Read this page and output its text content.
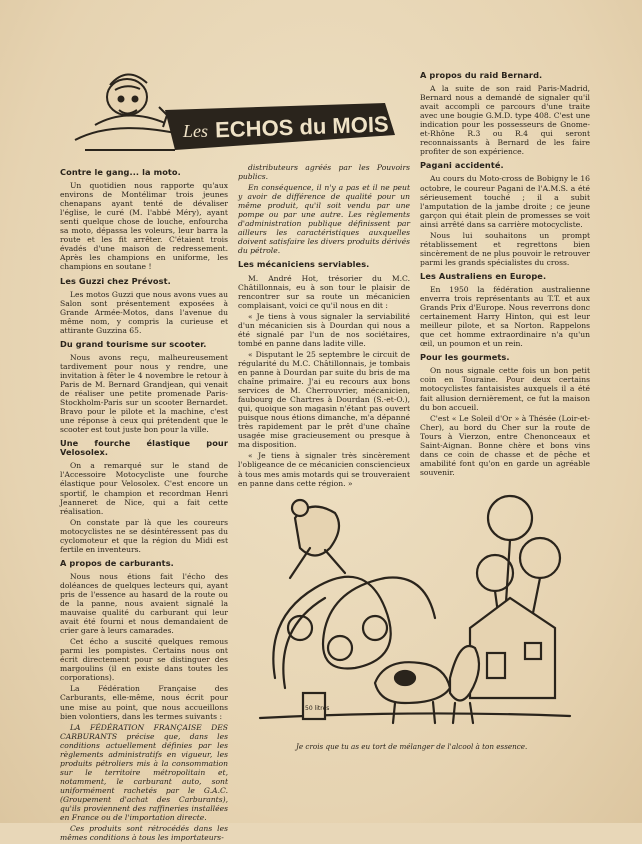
Les ECHOS du MOIS
Contre le gang... la moto.

Un quotidien nous rapporte qu'aux environs de Montélimar trois jeunes chenapans ayant tenté de dévaliser l'église, le curé (M. l'abbé Méry), ayant senti quelque chose de louche, enfourcha sa moto, dépassa les voleurs, leur barra la route et les fit arrêter. C'étaient trois évadés d'une maison de redressement. Après les champions en uniforme, les champions en soutane !

Les Guzzi chez Prévost.

Les motos Guzzi que nous avons vues au Salon sont présentement exposées à Grande Armée-Motos, dans l'avenue du même nom, y compris la curieuse et attirante Guzzina 65.

Du grand tourisme sur scooter.

Nous avons reçu, malheureusement tardivement pour nous y rendre, une invitation à fêter le 4 novembre le retour à Paris de M. Bernard Grandjean, qui venait de réaliser une petite promenade Paris-Stockholm-Paris sur un scooter Bernardet. Bravo pour le pilote et la machine, c'est une réponse à ceux qui prétendent que le scooter est tout juste bon pour la ville.

Une fourche élastique pour Velosolex.

On a remarqué sur le stand de l'Accessoire Motocycliste une fourche élastique pour Velosolex. C'est encore un sportif, le champion et recordman Henri Jeanneret de Nice, qui a fait cette réalisation.

On constate par là que les coureurs motocyclistes ne se désintéressent pas du cyclomoteur et que la région du Midi est fertile en inventeurs.

A propos de carburants.

Nous nous étions fait l'écho des doléances de quelques lecteurs qui, ayant pris de l'essence au hasard de la route ou de la panne, nous avaient signalé la mauvaise qualité du carburant qui leur avait été fourni et nous demandaient de crier gare à leurs camarades.

Cet écho a suscité quelques remous parmi les pompistes. Certains nous ont écrit directement pour se distinguer des margoulins (il en existe dans toutes les corporations).

La Fédération Française des Carburants, elle-même, nous écrit pour une mise au point, que nous accueillons bien volontiers, dans les termes suivants :

LA FÉDÉRATION FRANÇAISE DES CARBURANTS précise que, dans les conditions actuellement définies par les règlements administratifs en vigueur, les produits pétroliers mis à la consommation sur le territoire métropolitain et, notamment, le carburant auto, sont uniformément rachetés par le G.A.C. (Groupement d'achat des Carburants), qu'ils proviennent des raffineries installées en France ou de l'importation directe.

Ces produits sont rétrocédés dans les mêmes conditions à tous les importateurs-

distributeurs agréés par les Pouvoirs publics.

En conséquence, il n'y a pas et il ne peut y avoir de différence de qualité pour un même produit, qu'il soit vendu par une pompe ou par une autre. Les règlements d'administration publique définissent par ailleurs les caractéristiques auxquelles doivent satisfaire les divers produits dérivés du pétrole.

Les mécaniciens serviables.

M. André Hot, trésorier du M.C. Châtillonnais, eu à son tour le plaisir de rencontrer sur sa route un mécanicien complaisant, voici ce qu'il nous en dit :

« Je tiens à vous signaler la serviabilité d'un mécanicien sis à Dourdan qui nous a été signalé par l'un de nos sociétaires, tombé en panne dans ladite ville.

« Disputant le 25 septembre le circuit de régularité du M.C. Châtillonnais, je tombais en panne à Dourdan par suite du bris de ma chaîne primaire. J'ai eu recours aux bons services de M. Cherrouvrier, mécanicien, faubourg de Chartres à Dourdan (S.-et-O.), qui, quoique son magasin n'étant pas ouvert puisque nous étions dimanche, m'a dépanné très rapidement par le prêt d'une chaîne usagée mise gracieusement ou presque à ma disposition.

« Je tiens à signaler très sincèrement l'obligeance de ce mécanicien consciencieux à tous mes amis motards qui se trouveraient en panne dans cette région. »

A propos du raid Bernard.

A la suite de son raid Paris-Madrid, Bernard nous a demandé de signaler qu'il avait accompli ce parcours d'une traite avec une bougie G.M.D. type 408. C'est une indication pour les possesseurs de Gnome-et-Rhône R.3 ou R.4 qui seront reconnaissants à Bernard de les faire profiter de son expérience.

Pagani accidenté.

Au cours du Moto-cross de Bobigny le 16 octobre, le coureur Pagani de l'A.M.S. a été sérieusement touché ; il a subit l'amputation de la jambe droite ; ce jeune garçon qui était plein de promesses se voit ainsi arrêté dans sa carrière motocycliste.

Nous lui souhaitons un prompt rétablissement et regrettons bien sincèrement de ne plus pouvoir le retrouver parmi les grands spécialistes du cross.

Les Australiens en Europe.

En 1950 la fédération australienne enverra trois représentants au T.T. et aux Grands Prix d'Europe. Nous reverrons donc certainement Harry Hinton, qui est leur meilleur pilote, et sa Norton. Rappelons que cet homme extraordinaire n'a qu'un œil, un poumon et un rein.

Pour les gourmets.

On nous signale cette fois un bon petit coin en Touraine. Pour deux certains motocyclistes fantaisistes auxquels il a été fait allusion dernièrement, ce fut la maison du bon accueil.

C'est « Le Soleil d'Or » à Thésée (Loir-et-Cher), au bord du Cher sur la route de Tours à Vierzon, entre Chenonceaux et Saint-Aignan. Bonne chère et bons vins dans ce coin de chasse et de pêche et amabilité font qu'on en garde un agréable souvenir.

50 litres
Je crois que tu as eu tort de mélanger de l'alcool à ton essence.
